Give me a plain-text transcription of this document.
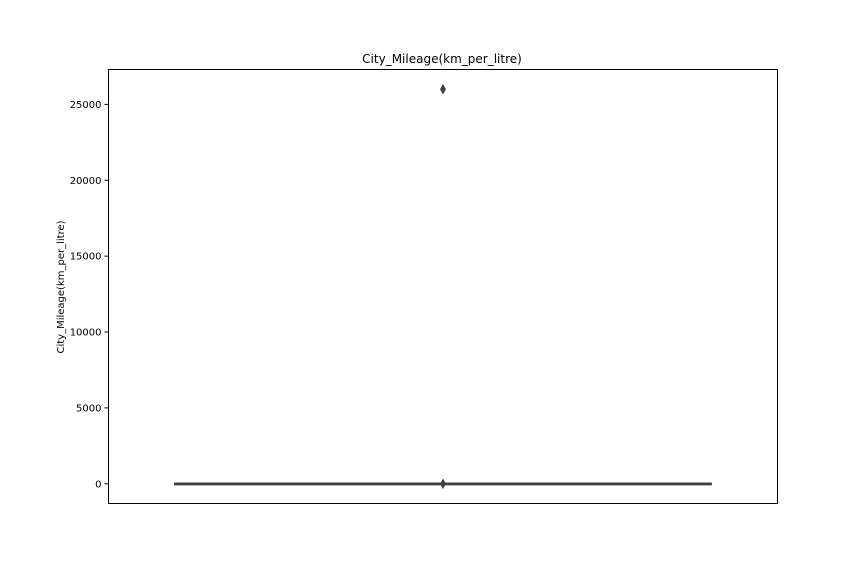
City_Mileage(km_per_litre)
City_Mileage(km_per_litre)
0
5000
10000
15000
20000
25000
